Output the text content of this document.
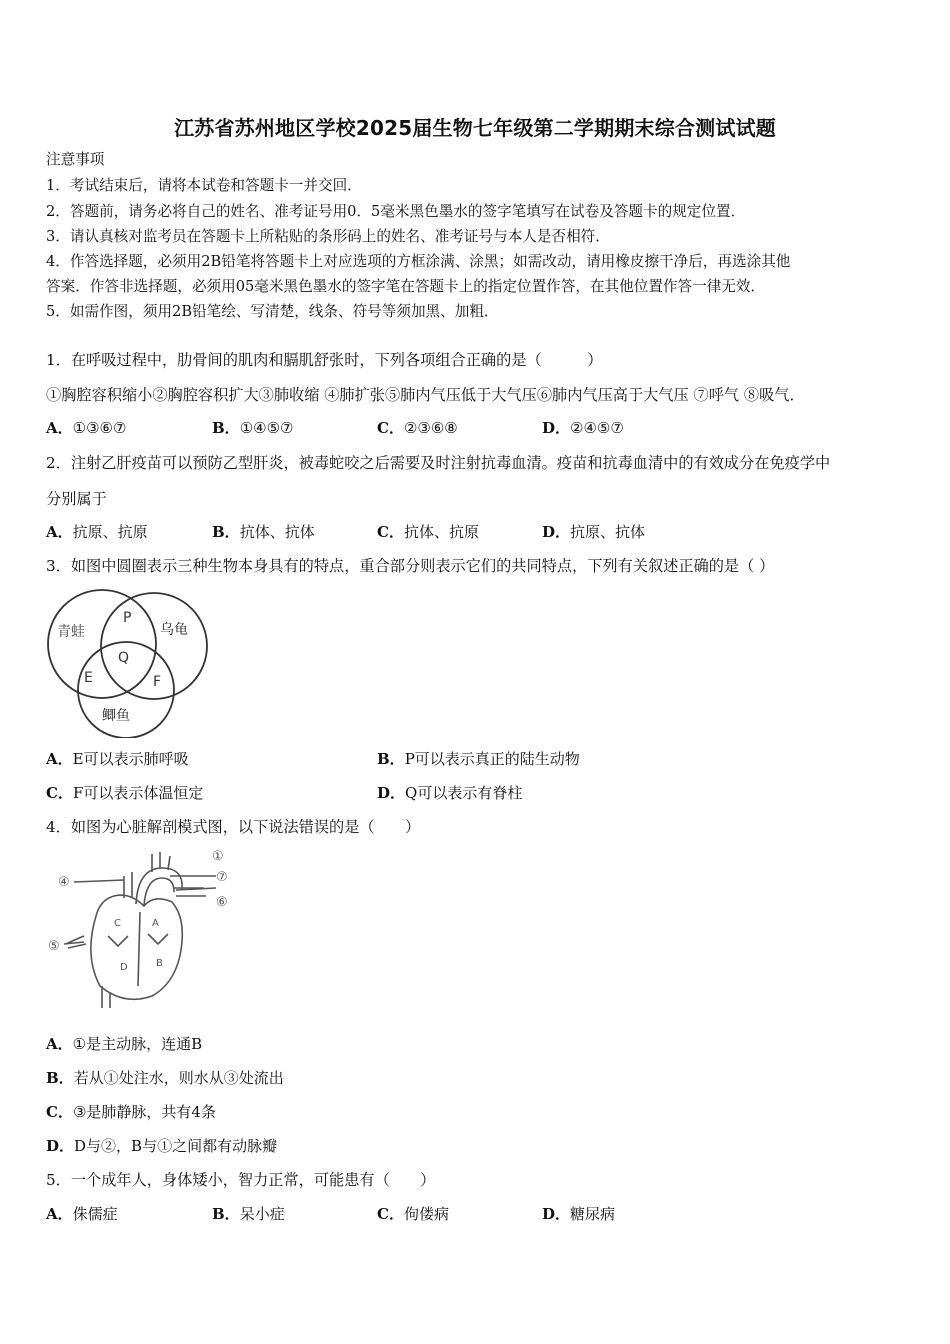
江苏省苏州地区学校2025届生物七年级第二学期期末综合测试试题
注意事项
1．考试结束后，请将本试卷和答题卡一并交回．
2．答题前，请务必将自己的姓名、准考证号用0．5毫米黑色墨水的签字笔填写在试卷及答题卡的规定位置．
3．请认真核对监考员在答题卡上所粘贴的条形码上的姓名、准考证号与本人是否相符．
4．作答选择题，必须用2B铅笔将答题卡上对应选项的方框涂满、涂黑；如需改动，请用橡皮擦干净后，再选涂其他
答案．作答非选择题，必须用05毫米黑色墨水的签字笔在答题卡上的指定位置作答，在其他位置作答一律无效．
5．如需作图，须用2B铅笔绘、写清楚，线条、符号等须加黑、加粗．
1．在呼吸过程中，肋骨间的肌肉和膈肌舒张时，下列各项组合正确的是（　　　）
①胸腔容积缩小②胸腔容积扩大③肺收缩 ④肺扩张⑤肺内气压低于大气压⑥肺内气压高于大气压 ⑦呼气 ⑧吸气．
A．①③⑥⑦	B．①④⑤⑦	C．②③⑥⑧	D．②④⑤⑦
2．注射乙肝疫苗可以预防乙型肝炎，被毒蛇咬之后需要及时注射抗毒血清。疫苗和抗毒血清中的有效成分在免疫学中
分别属于
A．抗原、抗原	B．抗体、抗体	C．抗体、抗原	D．抗原、抗体
3．如图中圆圈表示三种生物本身具有的特点，重合部分则表示它们的共同特点，下列有关叙述正确的是（ ）
青蛙	乌龟
鲫鱼
P
Q
E	F
A．E可以表示肺呼吸	B．P可以表示真正的陆生动物
C．F可以表示体温恒定	D．Q可以表示有脊柱
4．如图为心脏解剖模式图，以下说法错误的是（　　）
①
④	⑦
⑥
⑤
C	A
D	B
A．①是主动脉，连通B
B．若从①处注水，则水从③处流出
C．③是肺静脉，共有4条
D．D与②，B与①之间都有动脉瓣
5．一个成年人，身体矮小，智力正常，可能患有（　　）
A．侏儒症	B．呆小症	C．佝偻病	D．糖尿病
